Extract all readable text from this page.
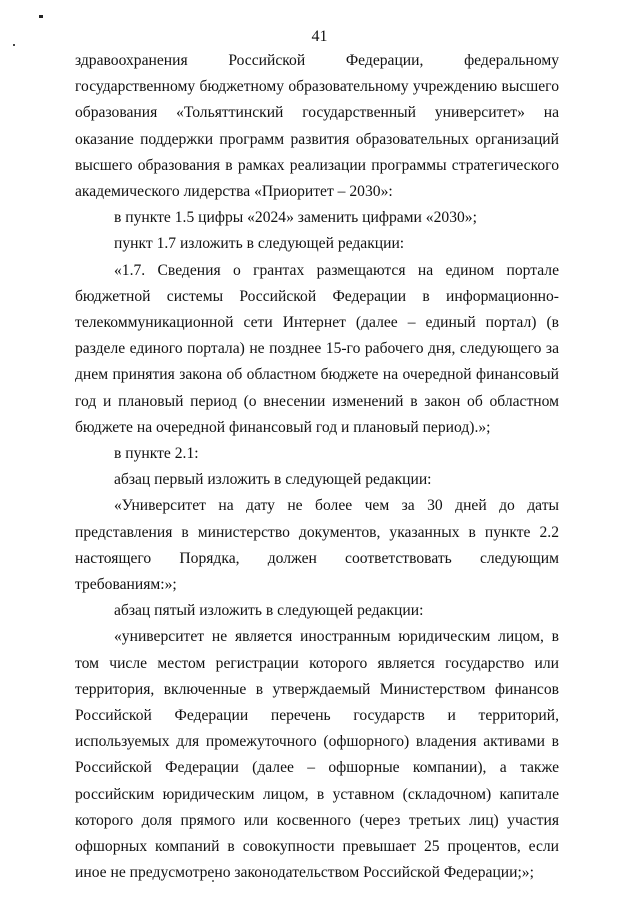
41

здравоохранения Российской Федерации, федеральному государственному бюджетному образовательному учреждению высшего образования «Тольяттинский государственный университет» на оказание поддержки программ развития образовательных организаций высшего образования в рамках реализации программы стратегического академического лидерства «Приоритет – 2030»:

в пункте 1.5 цифры «2024» заменить цифрами «2030»;

пункт 1.7 изложить в следующей редакции:

«1.7. Сведения о грантах размещаются на едином портале бюджетной системы Российской Федерации в информационно-телекоммуникационной сети Интернет (далее – единый портал) (в разделе единого портала) не позднее 15-го рабочего дня, следующего за днем принятия закона об областном бюджете на очередной финансовый год и плановый период (о внесении изменений в закон об областном бюджете на очередной финансовый год и плановый период).»;

в пункте 2.1:

абзац первый изложить в следующей редакции:

«Университет на дату не более чем за 30 дней до даты представления в министерство документов, указанных в пункте 2.2 настоящего Порядка, должен соответствовать следующим требованиям:»;

абзац пятый изложить в следующей редакции:

«университет не является иностранным юридическим лицом, в том числе местом регистрации которого является государство или территория, включенные в утверждаемый Министерством финансов Российской Федерации перечень государств и территорий, используемых для промежуточного (офшорного) владения активами в Российской Федерации (далее – офшорные компании), а также российским юридическим лицом, в уставном (складочном) капитале которого доля прямого или косвенного (через третьих лиц) участия офшорных компаний в совокупности превышает 25 процентов, если иное не предусмотрено законодательством Российской Федерации;»;
